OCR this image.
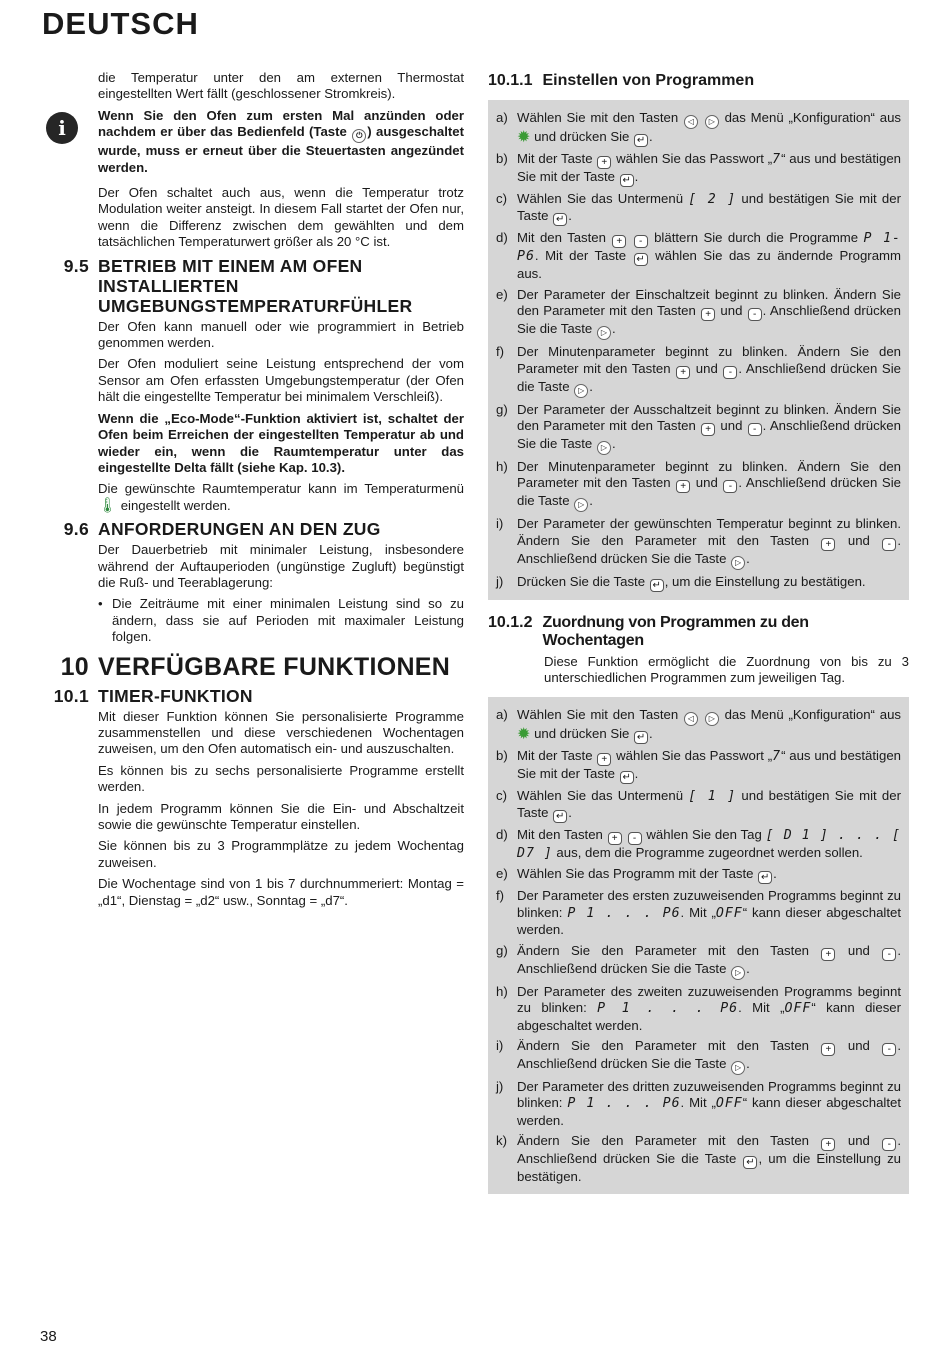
DEUTSCH

die Temperatur unter den am externen Thermostat eingestellten Wert fällt (geschlossener Stromkreis).

i

Wenn Sie den Ofen zum ersten Mal anzünden oder nachdem er über das Bedienfeld (Taste ⏻ ) ausgeschaltet wurde, muss er erneut über die Steuertasten angezündet werden.

Der Ofen schaltet auch aus, wenn die Temperatur trotz Modulation weiter ansteigt. In diesem Fall startet der Ofen nur, wenn die Differenz zwischen dem gewählten und dem tatsächlichen Temperaturwert größer als 20 °C ist.

9.5 BETRIEB MIT EINEM AM OFEN INSTALLIERTEN UMGEBUNGSTEMPERATURFÜHLER

Der Ofen kann manuell oder wie programmiert in Betrieb genommen werden.

Der Ofen moduliert seine Leistung entsprechend der vom Sensor am Ofen erfassten Umgebungstemperatur (der Ofen hält die eingestellte Temperatur bei minimalem Verschleiß).

Wenn die „Eco-Mode“-Funktion aktiviert ist, schaltet der Ofen beim Erreichen der eingestellten Temperatur ab und wieder ein, wenn die Raumtemperatur unter das eingestellte Delta fällt (siehe Kap. 10.3).

Die gewünschte Raumtemperatur kann im Temperaturmenü 🌡 eingestellt werden.

9.6 ANFORDERUNGEN AN DEN ZUG

Der Dauerbetrieb mit minimaler Leistung, insbesondere während der Auftauperioden (ungünstige Zugluft) begünstigt die Ruß- und Teerablagerung:

• Die Zeiträume mit einer minimalen Leistung sind so zu ändern, dass sie auf Perioden mit maximaler Leistung folgen.
10 VERFÜGBARE FUNKTIONEN
10.1 TIMER-FUNKTION

Mit dieser Funktion können Sie personalisierte Programme zusammenstellen und diese verschiedenen Wochentagen zuweisen, um den Ofen automatisch ein- und auszuschalten.

Es können bis zu sechs personalisierte Programme erstellt werden.

In jedem Programm können Sie die Ein- und Abschaltzeit sowie die gewünschte Temperatur einstellen.

Sie können bis zu 3 Programmplätze zu jedem Wochentag zuweisen.

Die Wochentage sind von 1 bis 7 durchnummeriert: Montag = „d1“, Dienstag = „d2“ usw., Sonntag = „d7“.

10.1.1 Einstellen von Programmen
a) Wählen Sie mit den Tasten ◁ ▷ das Menü „Konfiguration“ aus ✹ und drücken Sie ↵ .
b) Mit der Taste + wählen Sie das Passwort „7“ aus und bestätigen Sie mit der Taste ↵ .
c) Wählen Sie das Untermenü [ 2 ] und bestätigen Sie mit der Taste ↵ .
d) Mit den Tasten + - blättern Sie durch die Programme P 1-P6. Mit der Taste ↵ wählen Sie das zu ändernde Programm aus.
e) Der Parameter der Einschaltzeit beginnt zu blinken. Ändern Sie den Parameter mit den Tasten + und - . Anschließend drücken Sie die Taste ▷ .
f) Der Minutenparameter beginnt zu blinken. Ändern Sie den Parameter mit den Tasten + und - . Anschließend drücken Sie die Taste ▷ .
g) Der Parameter der Ausschaltzeit beginnt zu blinken. Ändern Sie den Parameter mit den Tasten + und - . Anschließend drücken Sie die Taste ▷ .
h) Der Minutenparameter beginnt zu blinken. Ändern Sie den Parameter mit den Tasten + und - . Anschließend drücken Sie die Taste ▷ .
i)	Der Parameter der gewünschten Temperatur beginnt zu blinken. Ändern Sie den Parameter mit den Tasten + und - . Anschließend drücken Sie die Taste ▷ .
j)	Drücken Sie die Taste ↵ , um die Einstellung zu bestätigen.
10.1.2 Zuordnung von Programmen zu den Wochentagen

Diese Funktion ermöglicht die Zuordnung von bis zu 3 unterschiedlichen Programmen zum jeweiligen Tag.

a) Wählen Sie mit den Tasten ◁ ▷ das Menü „Konfiguration“ aus ✹ und drücken Sie ↵ .
b) Mit der Taste + wählen Sie das Passwort „7“ aus und bestätigen Sie mit der Taste ↵ .
c) Wählen Sie das Untermenü [ 1 ] und bestätigen Sie mit der Taste ↵ .
d) Mit den Tasten + - wählen Sie den Tag [ D 1 ] . . . [ D7 ] aus, dem die Programme zugeordnet werden sollen.
e) Wählen Sie das Programm mit der Taste ↵ .
f) Der Parameter des ersten zuzuweisenden Programms beginnt zu blinken: P 1 . . . P6. Mit „OFF“ kann dieser abgeschaltet werden.
g) Ändern Sie den Parameter mit den Tasten + und - . Anschließend drücken Sie die Taste ▷ .
h) Der Parameter des zweiten zuzuweisenden Programms beginnt zu blinken: P 1 . . . P6. Mit „OFF“ kann dieser abgeschaltet werden.
i)	Ändern Sie den Parameter mit den Tasten + und - . Anschließend drücken Sie die Taste ▷ .
j)	Der Parameter des dritten zuzuweisenden Programms beginnt zu blinken: P 1 . . . P6. Mit „OFF“ kann dieser abgeschaltet werden.
k) Ändern Sie den Parameter mit den Tasten + und - . Anschließend drücken Sie die Taste ↵ , um die Einstellung zu bestätigen.
38
